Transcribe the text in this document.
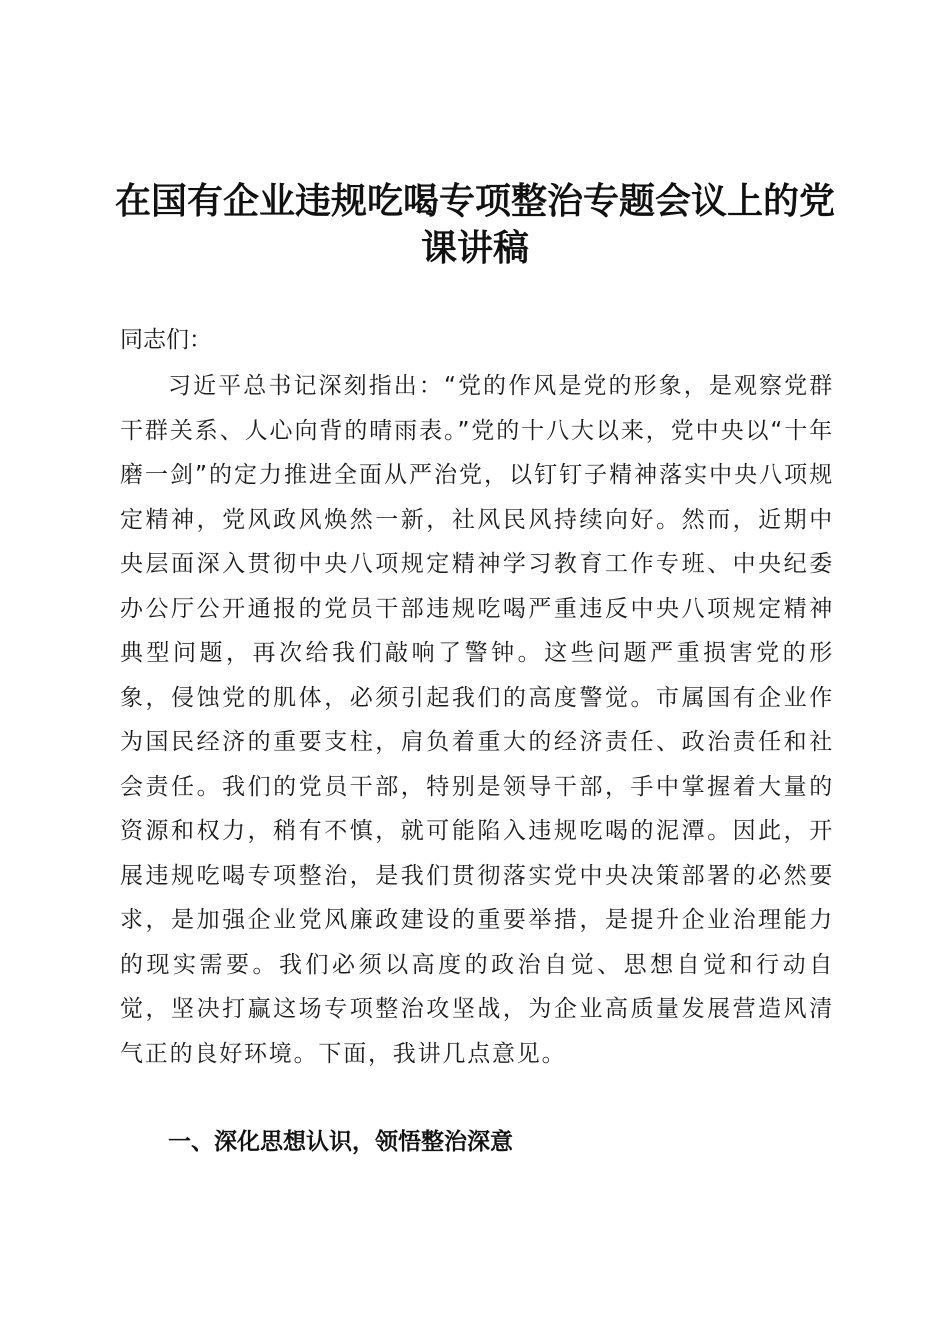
在国有企业违规吃喝专项整治专题会议上的党课讲稿

同志们：

习近平总书记深刻指出：“党的作风是党的形象，是观察党群干群关系、人心向背的晴雨表。”党的十八大以来，党中央以“十年磨一剑”的定力推进全面从严治党，以钉钉子精神落实中央八项规定精神，党风政风焕然一新，社风民风持续向好。然而，近期中央层面深入贯彻中央八项规定精神学习教育工作专班、中央纪委办公厅公开通报的党员干部违规吃喝严重违反中央八项规定精神典型问题，再次给我们敲响了警钟。这些问题严重损害党的形象，侵蚀党的肌体，必须引起我们的高度警觉。市属国有企业作为国民经济的重要支柱，肩负着重大的经济责任、政治责任和社会责任。我们的党员干部，特别是领导干部，手中掌握着大量的资源和权力，稍有不慎，就可能陷入违规吃喝的泥潭。因此，开展违规吃喝专项整治，是我们贯彻落实党中央决策部署的必然要求，是加强企业党风廉政建设的重要举措，是提升企业治理能力的现实需要。我们必须以高度的政治自觉、思想自觉和行动自觉，坚决打赢这场专项整治攻坚战，为企业高质量发展营造风清气正的良好环境。下面，我讲几点意见。

一、深化思想认识，领悟整治深意
